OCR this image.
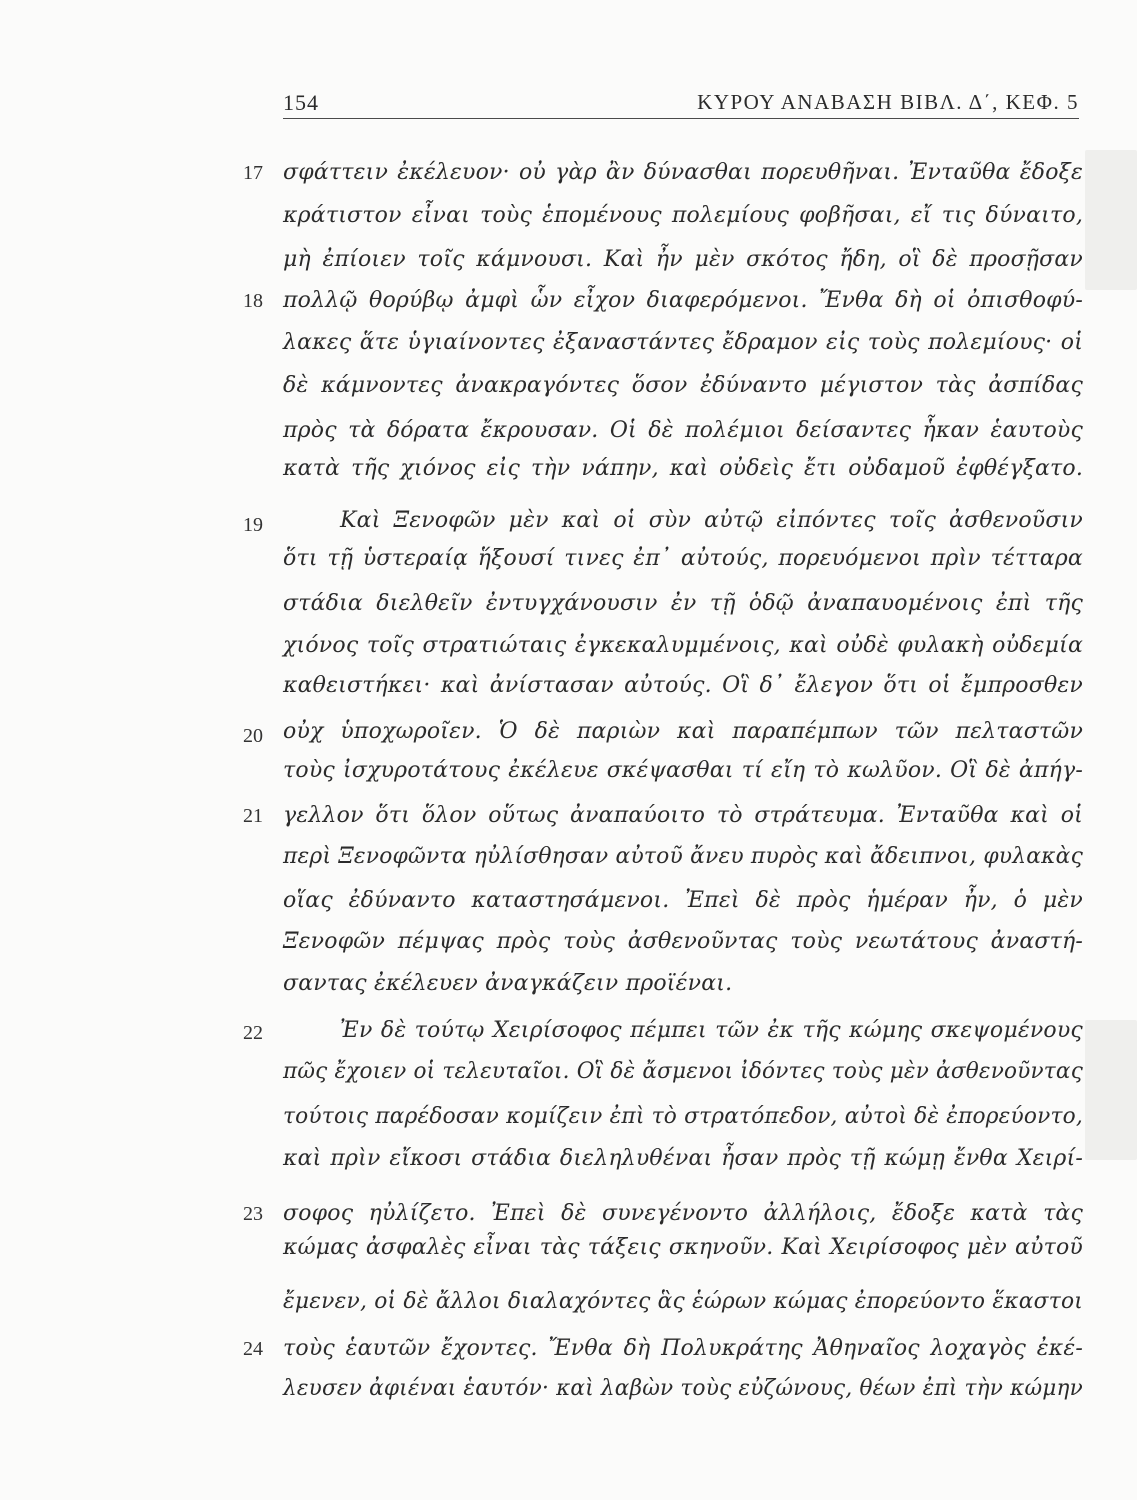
154	ΚΥΡΟΥ ΑΝΑΒΑΣΗ ΒΙΒΛ. Δ΄, ΚΕΦ. 5
17
18
19
20
21
22
23
24
σφάττειν ἐκέλευον· οὐ γὰρ ἂν δύνασθαι πορευθῆναι. Ἐνταῦθα ἔδοξε
κράτιστον εἶναι τοὺς ἑπομένους πολεμίους φοβῆσαι, εἴ τις δύναιτο,
μὴ ἐπίοιεν τοῖς κάμνουσι. Καὶ ἦν μὲν σκότος ἤδη, οἳ δὲ προσῇσαν
πολλῷ θορύβῳ ἀμφὶ ὧν εἶχον διαφερόμενοι. Ἔνθα δὴ οἱ ὀπισθοφύ-
λακες ἅτε ὑγιαίνοντες ἐξαναστάντες ἔδραμον εἰς τοὺς πολεμίους· οἱ
δὲ κάμνοντες ἀνακραγόντες ὅσον ἐδύναντο μέγιστον τὰς ἀσπίδας
πρὸς τὰ δόρατα ἔκρουσαν. Οἱ δὲ πολέμιοι δείσαντες ἧκαν ἑαυτοὺς
κατὰ τῆς χιόνος εἰς τὴν νάπην, καὶ οὐδεὶς ἔτι οὐδαμοῦ ἐφθέγξατο.
Καὶ Ξενοφῶν μὲν καὶ οἱ σὺν αὐτῷ εἰπόντες τοῖς ἀσθενοῦσιν
ὅτι τῇ ὑστεραίᾳ ἥξουσί τινες ἐπ᾽ αὐτούς, πορευόμενοι πρὶν τέτταρα
στάδια διελθεῖν ἐντυγχάνουσιν ἐν τῇ ὁδῷ ἀναπαυομένοις ἐπὶ τῆς
χιόνος τοῖς στρατιώταις ἐγκεκαλυμμένοις, καὶ οὐδὲ φυλακὴ οὐδεμία
καθειστήκει· καὶ ἀνίστασαν αὐτούς. Οἳ δ᾽ ἔλεγον ὅτι οἱ ἔμπροσθεν
οὐχ ὑποχωροῖεν. Ὁ δὲ παριὼν καὶ παραπέμπων τῶν πελταστῶν
τοὺς ἰσχυροτάτους ἐκέλευε σκέψασθαι τί εἴη τὸ κωλῦον. Οἳ δὲ ἀπήγ-
γελλον ὅτι ὅλον οὕτως ἀναπαύοιτο τὸ στράτευμα. Ἐνταῦθα καὶ οἱ
περὶ Ξενοφῶντα ηὐλίσθησαν αὐτοῦ ἄνευ πυρὸς καὶ ἄδειπνοι, φυλακὰς
οἵας ἐδύναντο καταστησάμενοι. Ἐπεὶ δὲ πρὸς ἡμέραν ἦν, ὁ μὲν
Ξενοφῶν πέμψας πρὸς τοὺς ἀσθενοῦντας τοὺς νεωτάτους ἀναστή-
σαντας ἐκέλευεν ἀναγκάζειν προϊέναι.
Ἐν δὲ τούτῳ Χειρίσοφος πέμπει τῶν ἐκ τῆς κώμης σκεψομένους
πῶς ἔχοιεν οἱ τελευταῖοι. Οἳ δὲ ἄσμενοι ἰδόντες τοὺς μὲν ἀσθενοῦντας
τούτοις παρέδοσαν κομίζειν ἐπὶ τὸ στρατόπεδον, αὐτοὶ δὲ ἐπορεύοντο,
καὶ πρὶν εἴκοσι στάδια διεληλυθέναι ἦσαν πρὸς τῇ κώμῃ ἔνθα Χειρί-
σοφος ηὐλίζετο. Ἐπεὶ δὲ συνεγένοντο ἀλλήλοις, ἔδοξε κατὰ τὰς
κώμας ἀσφαλὲς εἶναι τὰς τάξεις σκηνοῦν. Καὶ Χειρίσοφος μὲν αὐτοῦ
ἔμενεν, οἱ δὲ ἄλλοι διαλαχόντες ἃς ἑώρων κώμας ἐπορεύοντο ἕκαστοι
τοὺς ἑαυτῶν ἔχοντες. Ἔνθα δὴ Πολυκράτης Ἀθηναῖος λοχαγὸς ἐκέ-
λευσεν ἀφιέναι ἑαυτόν· καὶ λαβὼν τοὺς εὐζώνους, θέων ἐπὶ τὴν κώμην
